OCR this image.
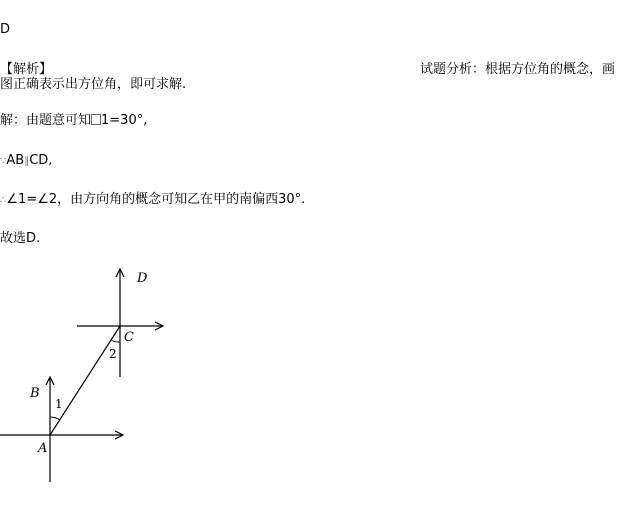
D
【解析】	试题分析：根据方位角的概念，画
图正确表示出方位角，即可求解.
解：由题意可知 1=30°,
∵AB∥CD,
∴∠1=∠2，由方向角的概念可知乙在甲的南偏西30°.
故选D.
A
B
C
D
1
2
